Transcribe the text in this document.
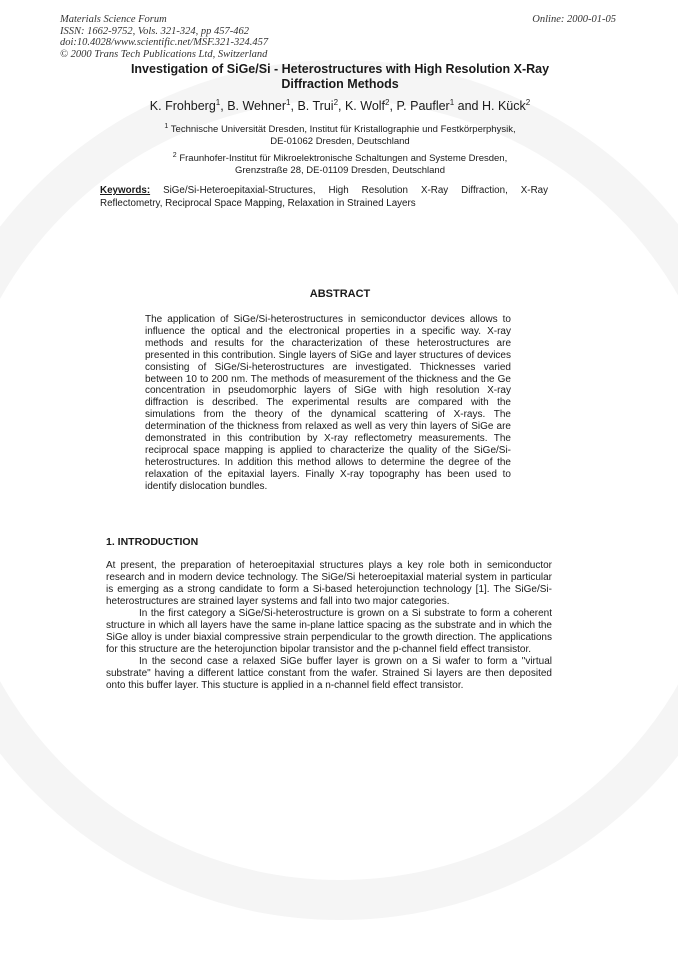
Materials Science Forum
ISSN: 1662-9752, Vols. 321-324, pp 457-462
doi:10.4028/www.scientific.net/MSF.321-324.457
© 2000 Trans Tech Publications Ltd, Switzerland
Online: 2000-01-05
Investigation of SiGe/Si - Heterostructures with High Resolution X-Ray
Diffraction Methods
K. Frohberg$^1$, B. Wehner$^1$, B. Trui$^2$, K. Wolf$^2$, P. Paufler$^1$ and H. Kück$^2$
$^1$ Technische Universität Dresden, Institut für Kristallographie und Festkörperphysik,
DE-01062 Dresden, Deutschland
$^2$ Fraunhofer-Institut für Mikroelektronische Schaltungen and Systeme Dresden,
Grenzstraße 28, DE-01109 Dresden, Deutschland
Keywords: SiGe/Si-Heteroepitaxial-Structures, High Resolution X-Ray Diffraction, X-Ray Reflectometry, Reciprocal Space Mapping, Relaxation in Strained Layers
ABSTRACT
The application of SiGe/Si-heterostructures in semiconductor devices allows to influence the optical and the electronical properties in a specific way. X-ray methods and results for the characterization of these heterostructures are presented in this contribution. Single layers of SiGe and layer structures of devices consisting of SiGe/Si-heterostructures are investigated. Thicknesses varied between 10 to 200 nm. The methods of measurement of the thickness and the Ge concentration in pseudomorphic layers of SiGe with high resolution X-ray diffraction is described. The experimental results are compared with the simulations from the theory of the dynamical scattering of X-rays. The determination of the thickness from relaxed as well as very thin layers of SiGe are demonstrated in this contribution by X-ray reflectometry measurements. The reciprocal space mapping is applied to characterize the quality of the SiGe/Si-heterostructures. In addition this method allows to determine the degree of the relaxation of the epitaxial layers. Finally X-ray topography has been used to identify dislocation bundles.
1. INTRODUCTION

At present, the preparation of heteroepitaxial structures plays a key role both in semiconductor research and in modern device technology. The SiGe/Si heteroepitaxial material system in particular is emerging as a strong candidate to form a Si-based heterojunction technology [1]. The SiGe/Si-heterostructures are strained layer systems and fall into two major categories.

In the first category a SiGe/Si-heterostructure is grown on a Si substrate to form a coherent structure in which all layers have the same in-plane lattice spacing as the substrate and in which the SiGe alloy is under biaxial compressive strain perpendicular to the growth direction. The applications for this structure are the heterojunction bipolar transistor and the p-channel field effect transistor.

In the second case a relaxed SiGe buffer layer is grown on a Si wafer to form a "virtual substrate" having a different lattice constant from the wafer. Strained Si layers are then deposited onto this buffer layer. This stucture is applied in a n-channel field effect transistor.
